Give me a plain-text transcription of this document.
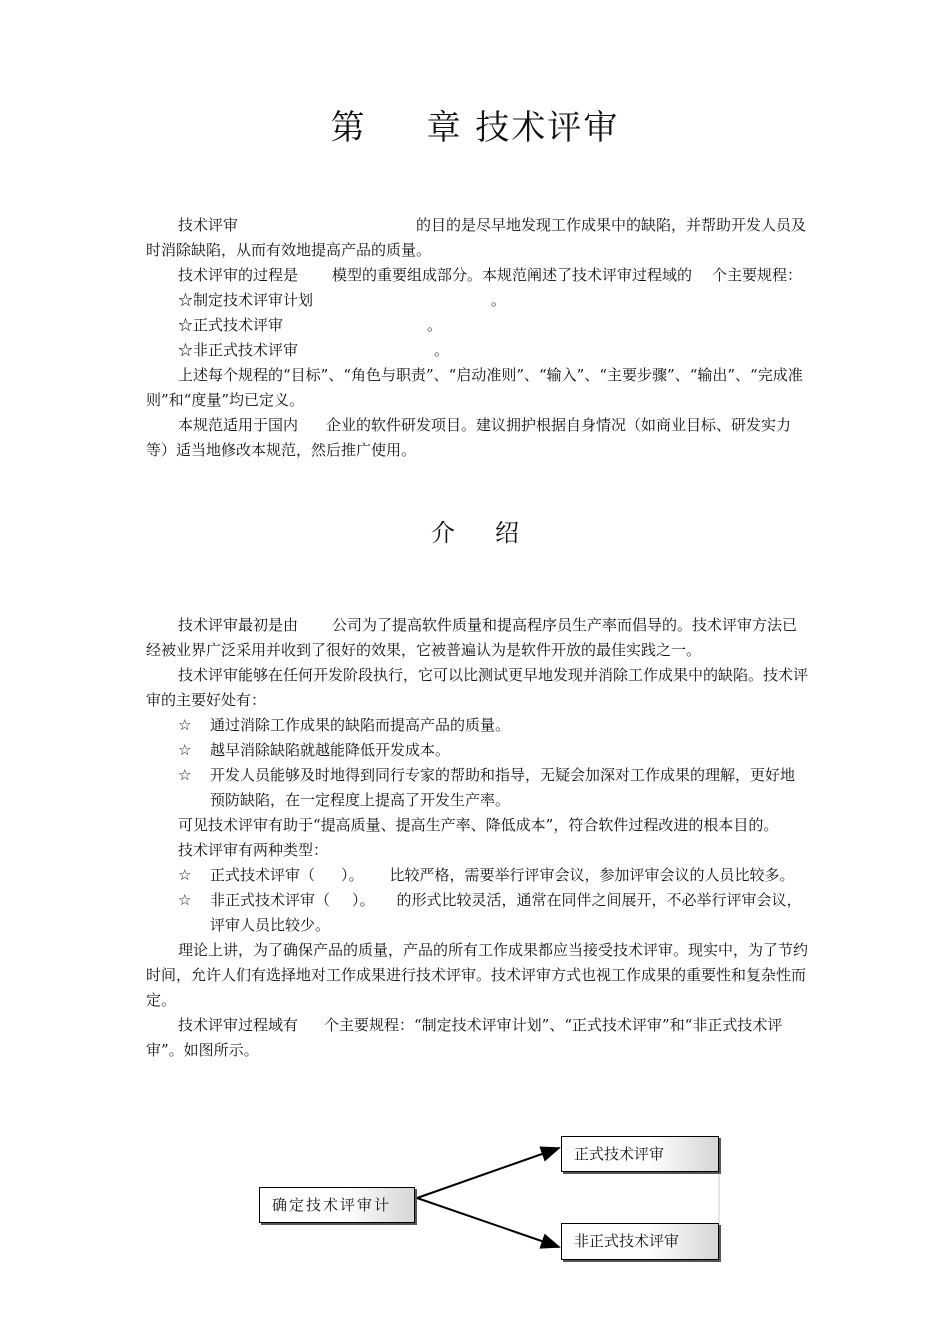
第 章 技术评审

技术评审	的目的是尽早地发现工作成果中的缺陷，并帮助开发人员及时消除缺陷，从而有效地提高产品的质量。

技术评审的过程是 模型的重要组成部分。本规范阐述了技术评审过程域的 个主要规程：

☆制定技术评审计划	。

☆正式技术评审	。

☆非正式技术评审	。

上述每个规程的“目标”、“角色与职责”、“启动准则”、“输入”、“主要步骤”、“输出”、“完成准则”和“度量”均已定义。

本规范适用于国内 企业的软件研发项目。建议拥护根据自身情况（如商业目标、研发实力等）适当地修改本规范，然后推广使用。

介 绍

技术评审最初是由 公司为了提高软件质量和提高程序员生产率而倡导的。技术评审方法已经被业界广泛采用并收到了很好的效果，它被普遍认为是软件开放的最佳实践之一。

技术评审能够在任何开发阶段执行，它可以比测试更早地发现并消除工作成果中的缺陷。技术评审的主要好处有：

☆ 通过消除工作成果的缺陷而提高产品的质量。

☆ 越早消除缺陷就越能降低开发成本。

☆ 开发人员能够及时地得到同行专家的帮助和指导，无疑会加深对工作成果的理解，更好地预防缺陷，在一定程度上提高了开发生产率。

可见技术评审有助于“提高质量、提高生产率、降低成本”，符合软件过程改进的根本目的。

技术评审有两种类型：

☆ 正式技术评审（ ）。 比较严格，需要举行评审会议，参加评审会议的人员比较多。

☆ 非正式技术评审（ ）。 的形式比较灵活，通常在同伴之间展开，不必举行评审会议，评审人员比较少。

理论上讲，为了确保产品的质量，产品的所有工作成果都应当接受技术评审。现实中，为了节约时间，允许人们有选择地对工作成果进行技术评审。技术评审方式也视工作成果的重要性和复杂性而定。

技术评审过程域有 个主要规程：“制定技术评审计划”、“正式技术评审”和“非正式技术评审”。如图所示。

确定技术评审计
正式技术评审
非正式技术评审
